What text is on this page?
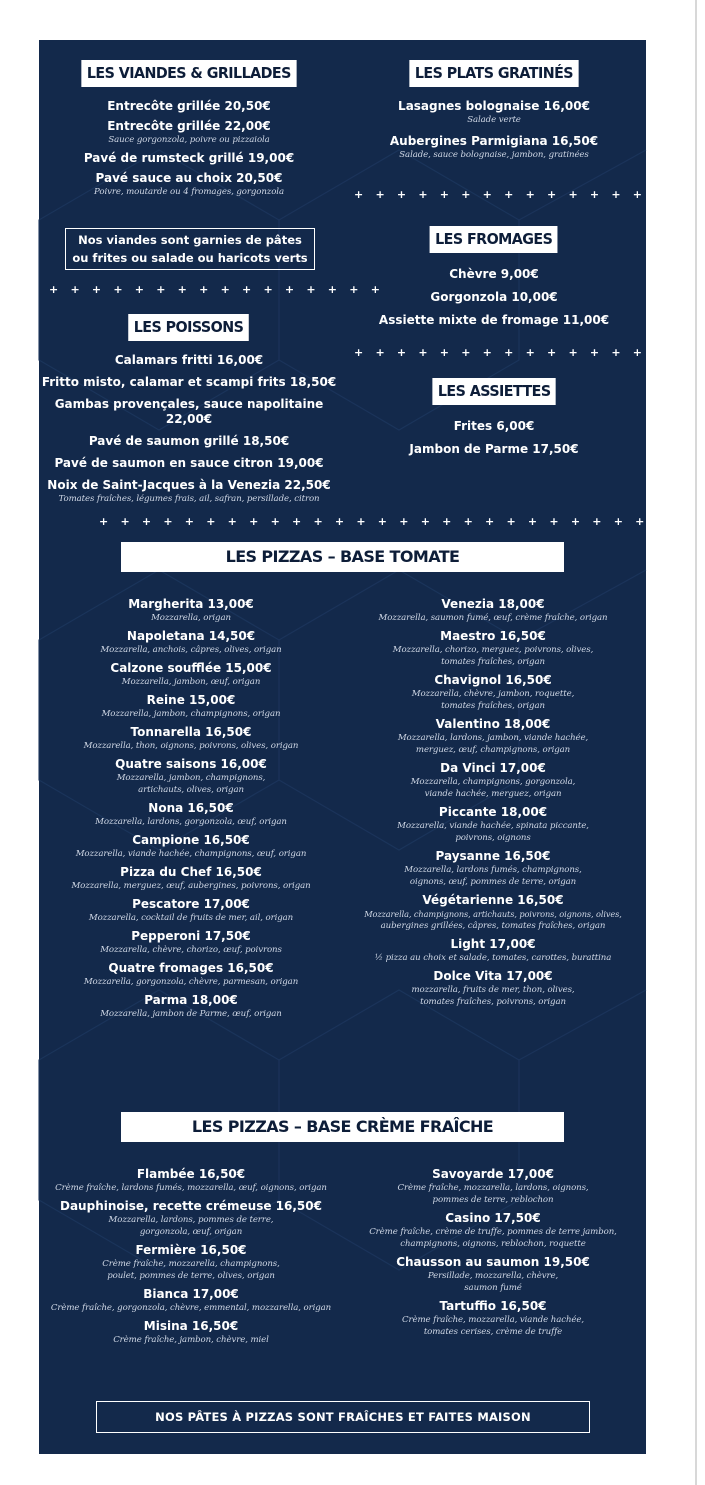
LES VIANDES & GRILLADES
Entrecôte grillée 20,50€
Entrecôte grillée 22,00€
Sauce gorgonzola, poivre ou pizzaiola
Pavé de rumsteck grillé 19,00€
Pavé sauce au choix 20,50€
Poivre, moutarde ou 4 fromages, gorgonzola
Nos viandes sont garnies de pâtes
ou frites ou salade ou haricots verts
+ + + + + + + + + + + + + + + +
LES POISSONS
Calamars fritti 16,00€
Fritto misto, calamar et scampi frits 18,50€
Gambas provençales, sauce napolitaine 22,00€
Pavé de saumon grillé 18,50€
Pavé de saumon en sauce citron 19,00€
Noix de Saint-Jacques à la Venezia 22,50€
Tomates fraîches, légumes frais, ail, safran, persillade, citron
LES PLATS GRATINÉS
Lasagnes bolognaise 16,00€
Salade verte
Aubergines Parmigiana 16,50€
Salade, sauce bolognaise, jambon, gratinées
+ + + + + + + + + + + + + + + +
LES FROMAGES
Chèvre 9,00€
Gorgonzola 10,00€
Assiette mixte de fromage 11,00€
+ + + + + + + + + + + + + + + +
LES ASSIETTES
Frites 6,00€
Jambon de Parme 17,50€
+ + + + + + + + + + + + + + + + + + + + + + + + + +
LES PIZZAS – BASE TOMATE
Margherita 13,00€
Mozzarella, origan
Napoletana 14,50€
Mozzarella, anchois, câpres, olives, origan
Calzone soufflée 15,00€
Mozzarella, jambon, œuf, origan
Reine 15,00€
Mozzarella, jambon, champignons, origan
Tonnarella 16,50€
Mozzarella, thon, oignons, poivrons, olives, origan
Quatre saisons 16,00€
Mozzarella, jambon, champignons,
artichauts, olives, origan
Nona 16,50€
Mozzarella, lardons, gorgonzola, œuf, origan
Campione 16,50€
Mozzarella, viande hachée, champignons, œuf, origan
Pizza du Chef 16,50€
Mozzarella, merguez, œuf, aubergines, poivrons, origan
Pescatore 17,00€
Mozzarella, cocktail de fruits de mer, ail, origan
Pepperoni 17,50€
Mozzarella, chèvre, chorizo, œuf, poivrons
Quatre fromages 16,50€
Mozzarella, gorgonzola, chèvre, parmesan, origan
Parma 18,00€
Mozzarella, jambon de Parme, œuf, origan
Venezia 18,00€
Mozzarella, saumon fumé, œuf, crème fraîche, origan
Maestro 16,50€
Mozzarella, chorizo, merguez, poivrons, olives,
tomates fraîches, origan
Chavignol 16,50€
Mozzarella, chèvre, jambon, roquette,
tomates fraîches, origan
Valentino 18,00€
Mozzarella, lardons, jambon, viande hachée,
merguez, œuf, champignons, origan
Da Vinci 17,00€
Mozzarella, champignons, gorgonzola,
viande hachée, merguez, origan
Piccante 18,00€
Mozzarella, viande hachée, spinata piccante,
poivrons, oignons
Paysanne 16,50€
Mozzarella, lardons fumés, champignons,
oignons, œuf, pommes de terre, origan
Végétarienne 16,50€
Mozzarella, champignons, artichauts, poivrons, oignons, olives,
aubergines grillées, câpres, tomates fraîches, origan
Light 17,00€
½ pizza au choix et salade, tomates, carottes, burattina
Dolce Vita 17,00€
mozzarella, fruits de mer, thon, olives,
tomates fraîches, poivrons, origan
LES PIZZAS – BASE CRÈME FRAÎCHE
Flambée 16,50€
Crème fraîche, lardons fumés, mozzarella, œuf, oignons, origan
Dauphinoise, recette crémeuse 16,50€
Mozzarella, lardons, pommes de terre,
gorgonzola, œuf, origan
Fermière 16,50€
Crème fraîche, mozzarella, champignons,
poulet, pommes de terre, olives, origan
Bianca 17,00€
Crème fraîche, gorgonzola, chèvre, emmental, mozzarella, origan
Misina 16,50€
Crème fraîche, jambon, chèvre, miel
Savoyarde 17,00€
Crème fraîche, mozzarella, lardons, oignons,
pommes de terre, reblochon
Casino 17,50€
Crème fraîche, crème de truffe, pommes de terre jambon,
champignons, oignons, reblochon, roquette
Chausson au saumon 19,50€
Persillade, mozzarella, chèvre,
saumon fumé
Tartuffio 16,50€
Crème fraîche, mozzarella, viande hachée,
tomates cerises, crème de truffe
NOS PÂTES À PIZZAS SONT FRAÎCHES ET FAITES MAISON
